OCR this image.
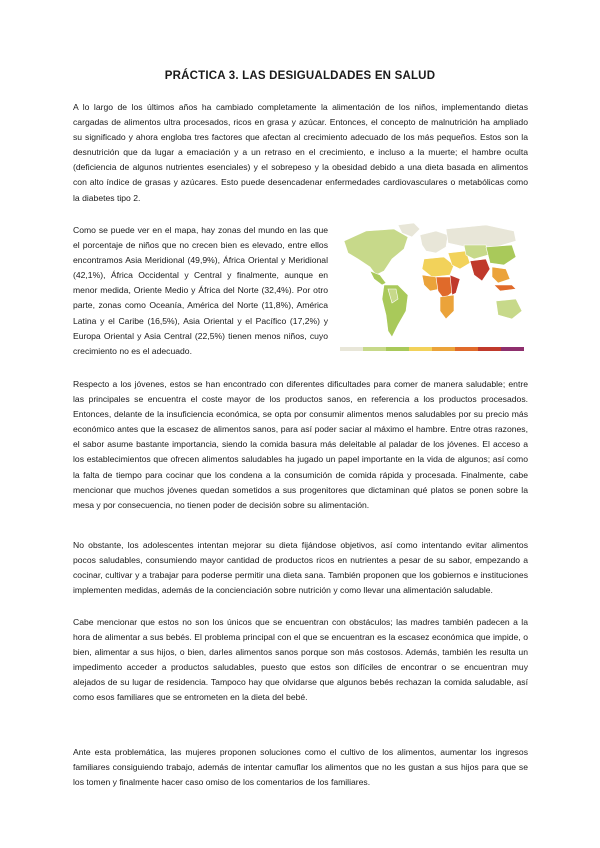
PRÁCTICA 3. LAS DESIGUALDADES EN SALUD

A lo largo de los últimos años ha cambiado completamente la alimentación de los niños, implementando dietas cargadas de alimentos ultra procesados, ricos en grasa y azúcar. Entonces, el concepto de malnutrición ha ampliado su significado y ahora engloba tres factores que afectan al crecimiento adecuado de los más pequeños. Estos son la desnutrición que da lugar a emaciación y a un retraso en el crecimiento, e incluso a la muerte; el hambre oculta (deficiencia de algunos nutrientes esenciales) y el sobrepeso y la obesidad debido a una dieta basada en alimentos con alto índice de grasas y azúcares. Esto puede desencadenar enfermedades cardiovasculares o metabólicas como la diabetes tipo 2.

Como se puede ver en el mapa, hay zonas del mundo en las que el porcentaje de niños que no crecen bien es elevado, entre ellos encontramos Asia Meridional (49,9%), África Oriental y Meridional (42,1%), África Occidental y Central y finalmente, aunque en menor medida, Oriente Medio y África del Norte (32,4%). Por otro parte, zonas como Oceanía, América del Norte (11,8%), América Latina y el Caribe (16,5%), Asia Oriental y el Pacífico (17,2%) y Europa Oriental y Asia Central (22,5%) tienen menos niños, cuyo crecimiento no es el adecuado.

Respecto a los jóvenes, estos se han encontrado con diferentes dificultades para comer de manera saludable; entre las principales se encuentra el coste mayor de los productos sanos, en referencia a los productos procesados. Entonces, delante de la insuficiencia económica, se opta por consumir alimentos menos saludables por su precio más económico antes que la escasez de alimentos sanos, para así poder saciar al máximo el hambre. Entre otras razones, el sabor asume bastante importancia, siendo la comida basura más deleitable al paladar de los jóvenes. El acceso a los establecimientos que ofrecen alimentos saludables ha jugado un papel importante en la vida de algunos; así como la falta de tiempo para cocinar que los condena a la consumición de comida rápida y procesada. Finalmente, cabe mencionar que muchos jóvenes quedan sometidos a sus progenitores que dictaminan qué platos se ponen sobre la mesa y por consecuencia, no tienen poder de decisión sobre su alimentación.

No obstante, los adolescentes intentan mejorar su dieta fijándose objetivos, así como intentando evitar alimentos pocos saludables, consumiendo mayor cantidad de productos ricos en nutrientes a pesar de su sabor, empezando a cocinar, cultivar y a trabajar para poderse permitir una dieta sana. También proponen que los gobiernos e instituciones implementen medidas, además de la concienciación sobre nutrición y como llevar una alimentación saludable.

Cabe mencionar que estos no son los únicos que se encuentran con obstáculos; las madres también padecen a la hora de alimentar a sus bebés. El problema principal con el que se encuentran es la escasez económica que impide, o bien, alimentar a sus hijos, o bien, darles alimentos sanos porque son más costosos. Además, también les resulta un impedimento acceder a productos saludables, puesto que estos son difíciles de encontrar o se encuentran muy alejados de su lugar de residencia. Tampoco hay que olvidarse que algunos bebés rechazan la comida saludable, así como esos familiares que se entrometen en la dieta del bebé.

Ante esta problemática, las mujeres proponen soluciones como el cultivo de los alimentos, aumentar los ingresos familiares consiguiendo trabajo, además de intentar camuflar los alimentos que no les gustan a sus hijos para que se los tomen y finalmente hacer caso omiso de los comentarios de los familiares.
